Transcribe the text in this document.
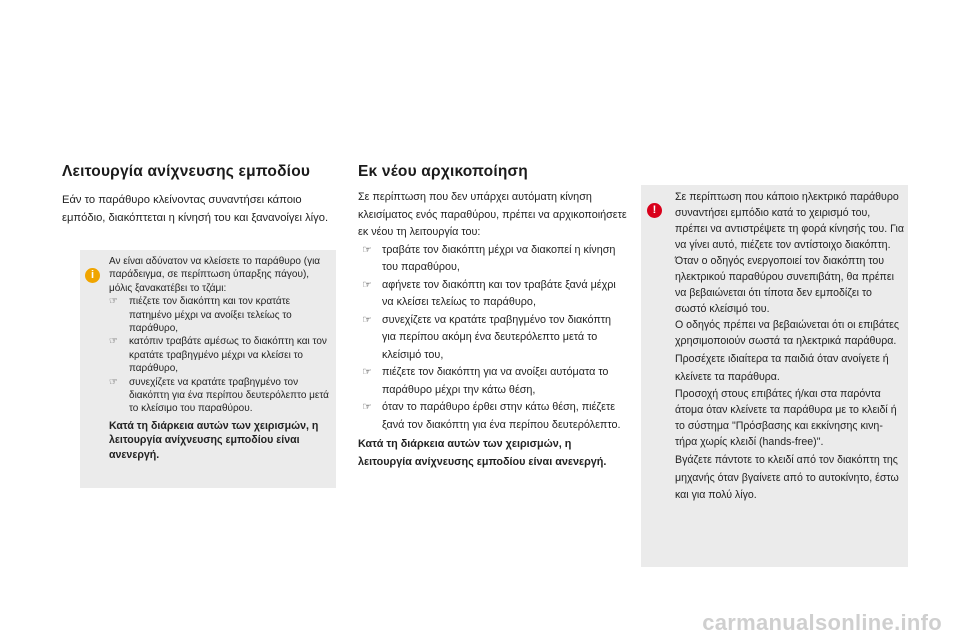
Λειτουργία ανίχνευσης εμποδίου

Εάν το παράθυρο κλείνοντας συναντήσει κάποιο εμπόδιο, διακόπτεται η κίνησή του και ξανανοίγει λίγο.

i
Αν είναι αδύνατον να κλείσετε το παράθυρο (για παράδειγμα, σε περίπτωση ύπαρξης πάγου), μόλις ξανακατέβει το τζάμι:
☞ πιέζετε τον διακόπτη και τον κρατάτε πατημένο μέχρι να ανοίξει τελείως το παράθυρο,
☞ κατόπιν τραβάτε αμέσως το διακόπτη και τον κρατάτε τραβηγμένο μέχρι να κλείσει το παράθυρο,
☞ συνεχίζετε να κρατάτε τραβηγμένο τον διακόπτη για ένα περίπου δευτερόλεπτο μετά το κλείσιμο του παραθύρου.
Κατά τη διάρκεια αυτών των χειρισμών, η λειτουργία ανίχνευσης εμποδίου είναι ανενεργή.
Εκ νέου αρχικοποίηση

Σε περίπτωση που δεν υπάρχει αυτόματη κίνηση κλεισίματος ενός παραθύρου, πρέπει να αρχικοποιήσετε εκ νέου τη λειτουργία του:

☞ τραβάτε τον διακόπτη μέχρι να διακοπεί η κίνηση του παραθύρου,
☞ αφήνετε τον διακόπτη και τον τραβάτε ξανά μέχρι να κλείσει τελείως το παράθυρο,
☞ συνεχίζετε να κρατάτε τραβηγμένο τον διακόπτη για περίπου ακόμη ένα δευτερόλεπτο μετά το κλείσιμό του,
☞ πιέζετε τον διακόπτη για να ανοίξει αυτόματα το παράθυρο μέχρι την κάτω θέση,
☞ όταν το παράθυρο έρθει στην κάτω θέση, πιέζετε ξανά τον διακόπτη για ένα περίπου δευτερόλεπτο.
Κατά τη διάρκεια αυτών των χειρισμών, η λειτουργία ανίχνευσης εμποδίου είναι ανενεργή.
!
Σε περίπτωση που κάποιο ηλεκτρικό παράθυρο συναντήσει εμπόδιο κατά το χειρισμό του, πρέπει να αντιστρέψετε τη φορά κίνησής του. Για να γίνει αυτό, πιέζετε τον αντίστοιχο διακόπτη.
Όταν ο οδηγός ενεργοποιεί τον διακόπτη του ηλεκτρικού παραθύρου συνεπιβάτη, θα πρέπει να βεβαιώνεται ότι τίποτα δεν εμποδίζει το σωστό κλείσιμό του.
Ο οδηγός πρέπει να βεβαιώνεται ότι οι επιβάτες χρησιμοποιούν σωστά τα ηλεκτρικά παράθυρα.
Προσέχετε ιδιαίτερα τα παιδιά όταν ανοίγετε ή κλείνετε τα παράθυρα.
Προσοχή στους επιβάτες ή/και στα παρόντα άτομα όταν κλείνετε τα παράθυρα με το κλειδί ή το σύστημα "Πρόσβασης και εκκίνησης κινη-τήρα χωρίς κλειδί (hands-free)".
Βγάζετε πάντοτε το κλειδί από τον διακόπτη της μηχανής όταν βγαίνετε από το αυτοκίνητο, έστω και για πολύ λίγο.
carmanualsonline.info
